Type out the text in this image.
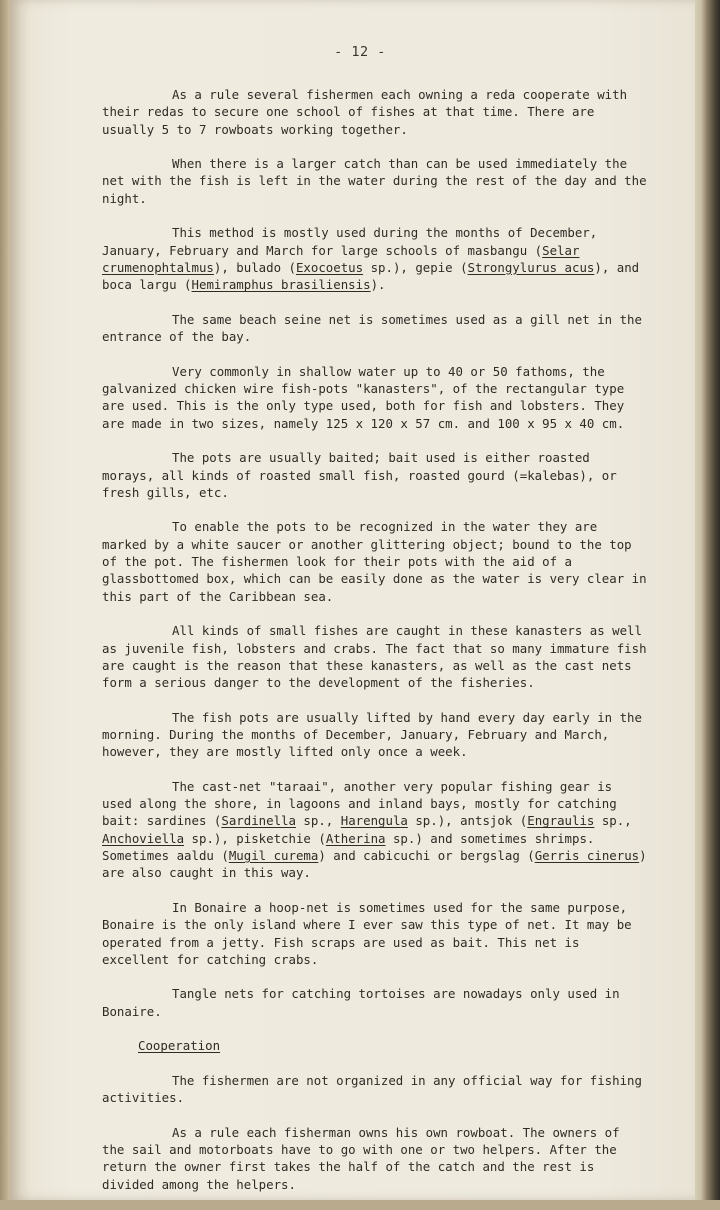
- 12 -

As a rule several fishermen each owning a reda cooperate with their redas to secure one school of fishes at that time. There are usually 5 to 7 rowboats working together.

When there is a larger catch than can be used immediately the net with the fish is left in the water during the rest of the day and the night.

This method is mostly used during the months of December, January, February and March for large schools of masbangu (Selar crumenophtalmus), bulado (Exocoetus sp.), gepie (Strongylurus acus), and boca largu (Hemiramphus brasiliensis).

The same beach seine net is sometimes used as a gill net in the entrance of the bay.

Very commonly in shallow water up to 40 or 50 fathoms, the galvanized chicken wire fish-pots "kanasters", of the rectangular type are used. This is the only type used, both for fish and lobsters. They are made in two sizes, namely 125 x 120 x 57 cm. and 100 x 95 x 40 cm.

The pots are usually baited; bait used is either roasted morays, all kinds of roasted small fish, roasted gourd (=kalebas), or fresh gills, etc.

To enable the pots to be recognized in the water they are marked by a white saucer or another glittering object; bound to the top of the pot. The fishermen look for their pots with the aid of a glassbottomed box, which can be easily done as the water is very clear in this part of the Caribbean sea.

All kinds of small fishes are caught in these kanasters as well as juvenile fish, lobsters and crabs. The fact that so many immature fish are caught is the reason that these kanasters, as well as the cast nets form a serious danger to the development of the fisheries.

The fish pots are usually lifted by hand every day early in the morning. During the months of December, January, February and March, however, they are mostly lifted only once a week.

The cast-net "taraai", another very popular fishing gear is used along the shore, in lagoons and inland bays, mostly for catching bait: sardines (Sardinella sp., Harengula sp.), antsjok (Engraulis sp., Anchoviella sp.), pisketchie (Atherina sp.) and sometimes shrimps. Sometimes aaldu (Mugil curema) and cabicuchi or bergslag (Gerris cinerus) are also caught in this way.

In Bonaire a hoop-net is sometimes used for the same purpose, Bonaire is the only island where I ever saw this type of net. It may be operated from a jetty. Fish scraps are used as bait. This net is excellent for catching crabs.

Tangle nets for catching tortoises are nowadays only used in Bonaire.

Cooperation

The fishermen are not organized in any official way for fishing activities.

As a rule each fisherman owns his own rowboat. The owners of the sail and motorboats have to go with one or two helpers. After the return the owner first takes the half of the catch and the rest is divided among the helpers.
